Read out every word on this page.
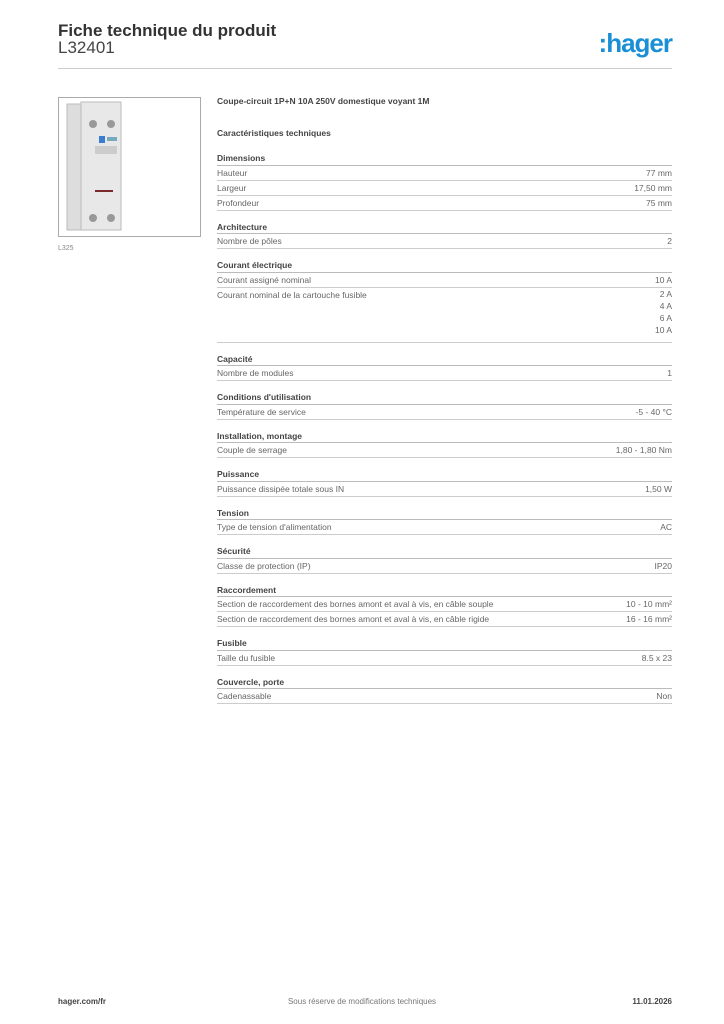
Fiche technique du produit
L32401	:hager
L325
Coupe-circuit 1P+N 10A 250V domestique voyant 1M
Caractéristiques techniques
Dimensions
Hauteur	77 mm
Largeur	17,50 mm
Profondeur	75 mm
Architecture
Nombre de pôles	2
Courant électrique
Courant assigné nominal	10 A
Courant nominal de la cartouche fusible	2 A
4 A
6 A
10 A
Capacité
Nombre de modules	1
Conditions d'utilisation
Température de service	-5 - 40 °C
Installation, montage
Couple de serrage	1,80 - 1,80 Nm
Puissance
Puissance dissipée totale sous IN	1,50 W
Tension
Type de tension d'alimentation	AC
Sécurité
Classe de protection (IP)	IP20
Raccordement
Section de raccordement des bornes amont et aval à vis, en câble souple	10 - 10 mm²
Section de raccordement des bornes amont et aval à vis, en câble rigide	16 - 16 mm²
Fusible
Taille du fusible	8.5 x 23
Couvercle, porte
Cadenassable	Non
hager.com/fr	Sous réserve de modifications techniques	11.01.2026
